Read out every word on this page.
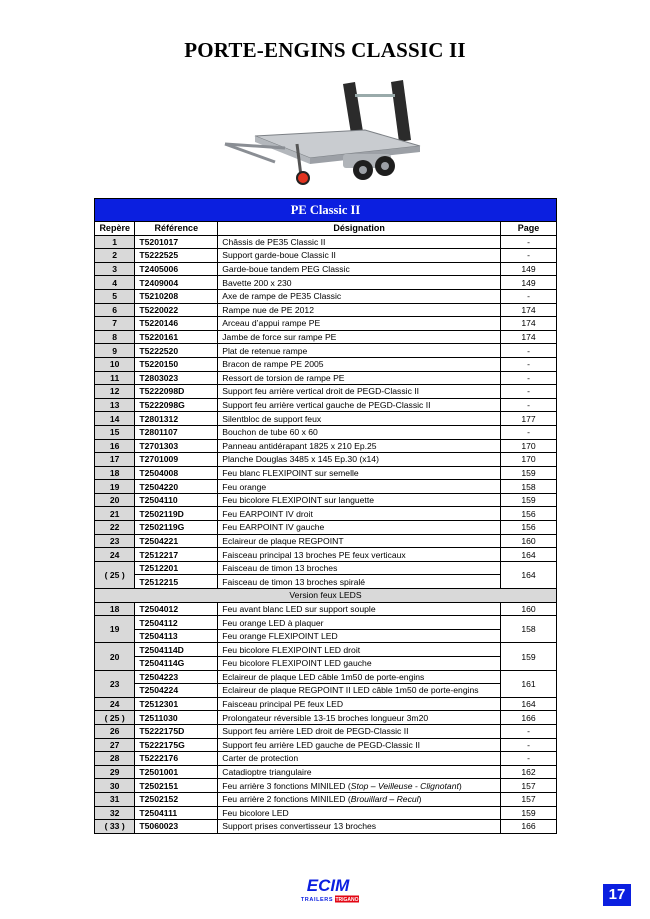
PORTE-ENGINS CLASSIC II
PE Classic II			
Repère	Référence	Désignation	Page
1	T5201017	Châssis de PE35 Classic II	-
2	T5222525	Support garde-boue Classic II	-
3	T2405006	Garde-boue tandem PEG Classic	149
4	T2409004	Bavette 200 x 230	149
5	T5210208	Axe de rampe de PE35 Classic	-
6	T5220022	Rampe nue de PE 2012	174
7	T5220146	Arceau d’appui rampe PE	174
8	T5220161	Jambe de force sur rampe PE	174
9	T5222520	Plat de retenue rampe	-
10	T5220150	Bracon de rampe PE 2005	-
11	T2803023	Ressort de torsion de rampe PE	-
12	T5222098D	Support feu arrière vertical droit de PEGD-Classic II	-
13	T5222098G	Support feu arrière vertical gauche de PEGD-Classic II	-
14	T2801312	Silentbloc de support feux	177
15	T2801107	Bouchon de tube 60 x 60	-
16	T2701303	Panneau antidérapant 1825 x 210 Ep.25	170
17	T2701009	Planche Douglas 3485 x 145 Ep.30 (x14)	170
18	T2504008	Feu blanc FLEXIPOINT sur semelle	159
19	T2504220	Feu orange	158
20	T2504110	Feu bicolore FLEXIPOINT sur languette	159
21	T2502119D	Feu EARPOINT IV droit	156
22	T2502119G	Feu EARPOINT IV gauche	156
23	T2504221	Eclaireur de plaque REGPOINT	160
24	T2512217	Faisceau principal 13 broches PE feux verticaux	164
( 25 )	T2512201	Faisceau de timon 13 broches	164
	T2512215	Faisceau de timon 13 broches spiralé	
Version feux LEDS			
18	T2504012	Feu avant blanc LED sur support souple	160
19	T2504112	Feu orange LED à plaquer	158
	T2504113	Feu orange FLEXIPOINT LED	
20	T2504114D	Feu bicolore FLEXIPOINT LED droit	159
	T2504114G	Feu bicolore FLEXIPOINT LED gauche	
23	T2504223	Eclaireur de plaque LED câble 1m50 de porte-engins	161
	T2504224	Eclaireur de plaque REGPOINT II LED câble 1m50 de porte-engins	
24	T2512301	Faisceau principal PE feux LED	164
( 25 )	T2511030	Prolongateur réversible 13-15 broches longueur 3m20	166
26	T5222175D	Support feu arrière LED droit de PEGD-Classic II	-
27	T5222175G	Support feu arrière LED gauche de PEGD-Classic II	-
28	T5222176	Carter de protection	-
29	T2501001	Catadioptre triangulaire	162
30	T2502151	Feu arrière 3 fonctions MINILED (Stop – Veilleuse - Clignotant)	157
31	T2502152	Feu arrière 2 fonctions MINILED (Brouillard – Recul)	157
32	T2504111	Feu bicolore LED	159
( 33 )	T5060023	Support prises convertisseur 13 broches	166
ECIM
TRAILERS TRIGANO	17
